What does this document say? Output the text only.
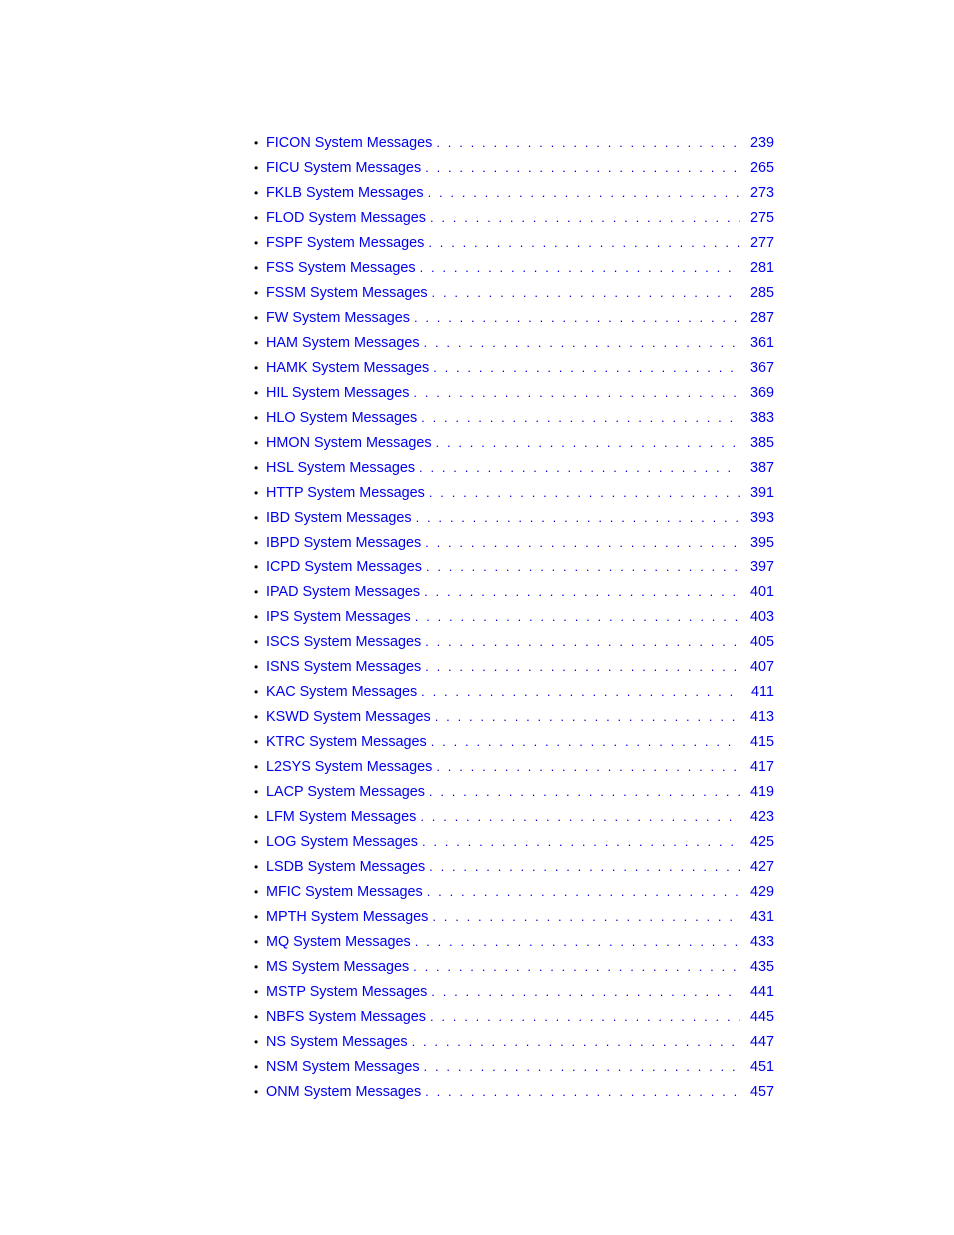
• FICON System Messages . . .	239
• FICU System Messages . . .	265
• FKLB System Messages . . .	273
• FLOD System Messages . . .	275
• FSPF System Messages . . .	277
• FSS System Messages . . .	281
• FSSM System Messages . . .	285
• FW System Messages . . .	287
• HAM System Messages . . .	361
• HAMK System Messages . . .	367
• HIL System Messages . . .	369
• HLO System Messages . . .	383
• HMON System Messages . . .	385
• HSL System Messages . . .	387
• HTTP System Messages . . .	391
• IBD System Messages . . .	393
• IBPD System Messages . . .	395
• ICPD System Messages . . .	397
• IPAD System Messages . . .	401
• IPS System Messages . . .	403
• ISCS System Messages . . .	405
• ISNS System Messages . . .	407
• KAC System Messages . . .	411
• KSWD System Messages . . .	413
• KTRC System Messages . . .	415
• L2SYS System Messages . . .	417
• LACP System Messages . . .	419
• LFM System Messages . . .	423
• LOG System Messages . . .	425
• LSDB System Messages . . .	427
• MFIC System Messages . . .	429
• MPTH System Messages . . .	431
• MQ System Messages . . .	433
• MS System Messages . . .	435
• MSTP System Messages . . .	441
• NBFS System Messages . . .	445
• NS System Messages . . .	447
• NSM System Messages . . .	451
• ONM System Messages . . .	457
